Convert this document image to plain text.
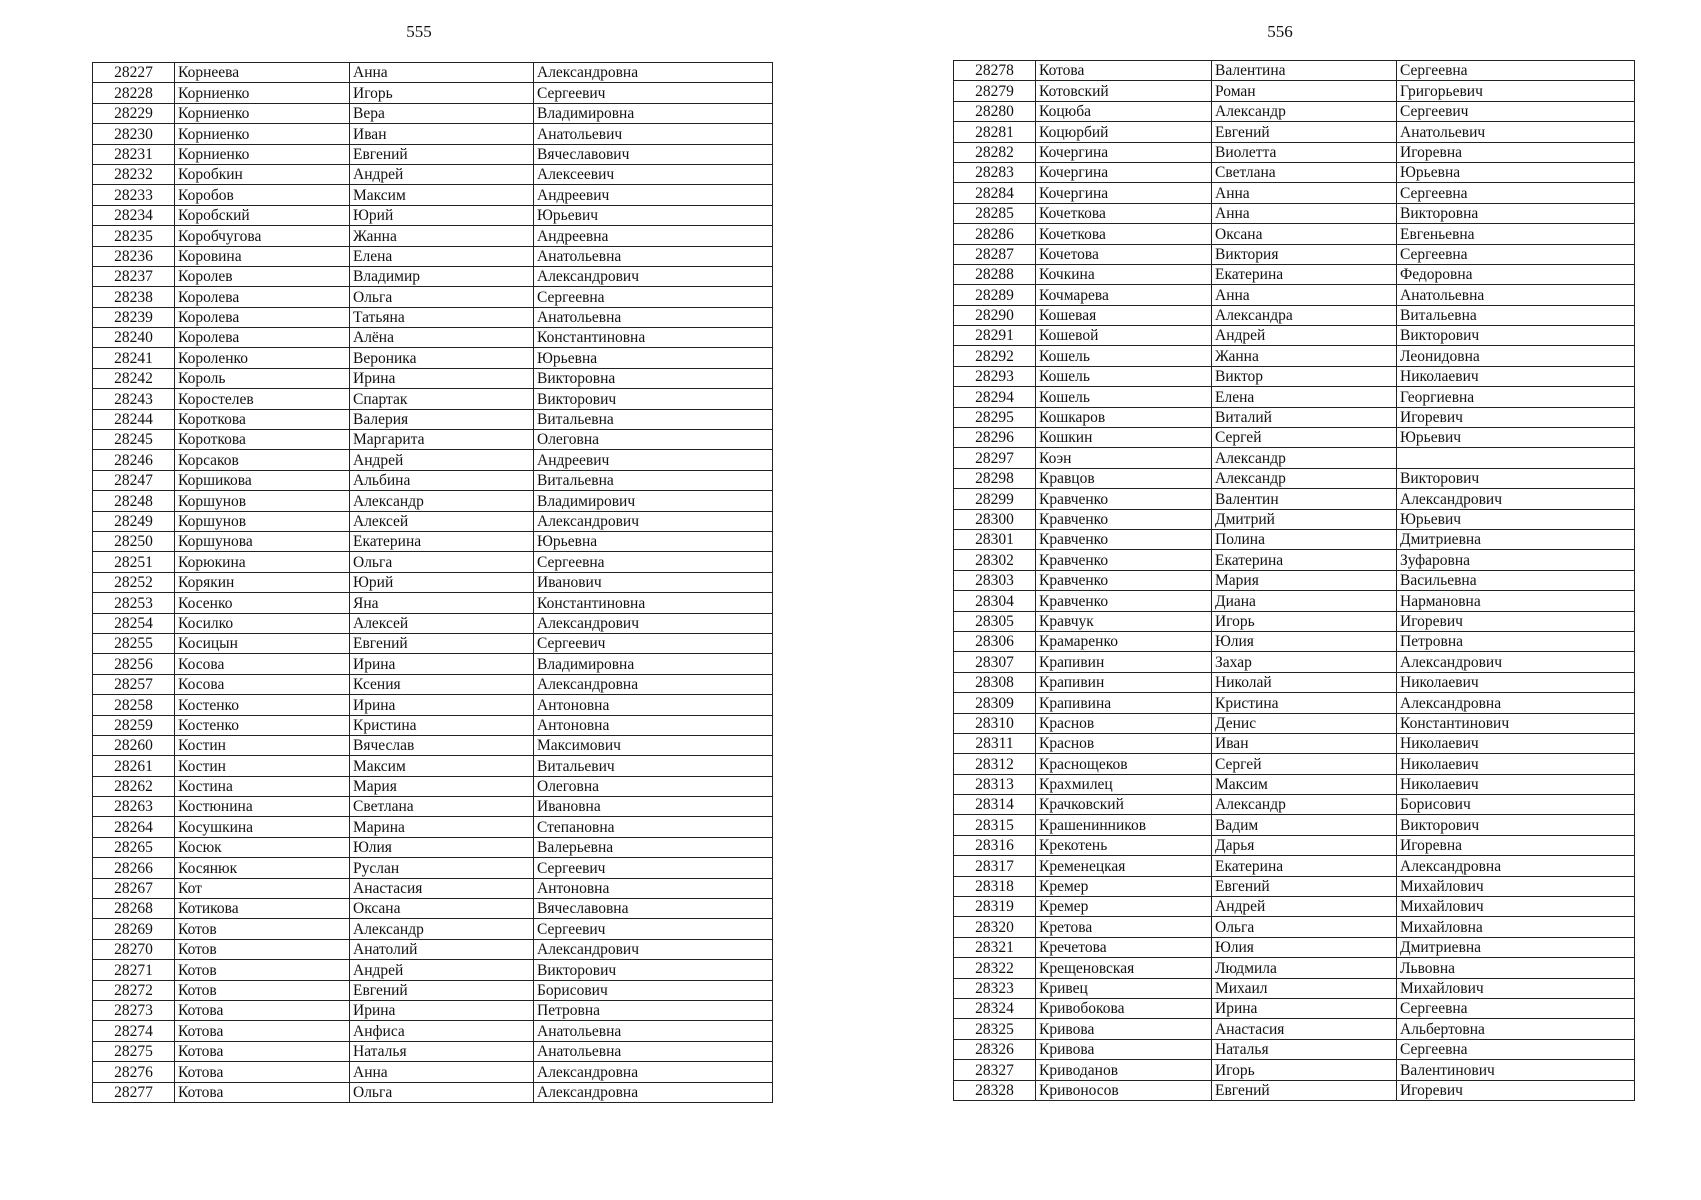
555	556
28227	Корнеева	Анна	Александровна
28228	Корниенко	Игорь	Сергеевич
28229	Корниенко	Вера	Владимировна
28230	Корниенко	Иван	Анатольевич
28231	Корниенко	Евгений	Вячеславович
28232	Коробкин	Андрей	Алексеевич
28233	Коробов	Максим	Андреевич
28234	Коробский	Юрий	Юрьевич
28235	Коробчугова	Жанна	Андреевна
28236	Коровина	Елена	Анатольевна
28237	Королев	Владимир	Александрович
28238	Королева	Ольга	Сергеевна
28239	Королева	Татьяна	Анатольевна
28240	Королева	Алёна	Константиновна
28241	Короленко	Вероника	Юрьевна
28242	Король	Ирина	Викторовна
28243	Коростелев	Спартак	Викторович
28244	Короткова	Валерия	Витальевна
28245	Короткова	Маргарита	Олеговна
28246	Корсаков	Андрей	Андреевич
28247	Коршикова	Альбина	Витальевна
28248	Коршунов	Александр	Владимирович
28249	Коршунов	Алексей	Александрович
28250	Коршунова	Екатерина	Юрьевна
28251	Корюкина	Ольга	Сергеевна
28252	Корякин	Юрий	Иванович
28253	Косенко	Яна	Константиновна
28254	Косилко	Алексей	Александрович
28255	Косицын	Евгений	Сергеевич
28256	Косова	Ирина	Владимировна
28257	Косова	Ксения	Александровна
28258	Костенко	Ирина	Антоновна
28259	Костенко	Кристина	Антоновна
28260	Костин	Вячеслав	Максимович
28261	Костин	Максим	Витальевич
28262	Костина	Мария	Олеговна
28263	Костюнина	Светлана	Ивановна
28264	Косушкина	Марина	Степановна
28265	Косюк	Юлия	Валерьевна
28266	Косянюк	Руслан	Сергеевич
28267	Кот	Анастасия	Антоновна
28268	Котикова	Оксана	Вячеславовна
28269	Котов	Александр	Сергеевич
28270	Котов	Анатолий	Александрович
28271	Котов	Андрей	Викторович
28272	Котов	Евгений	Борисович
28273	Котова	Ирина	Петровна
28274	Котова	Анфиса	Анатольевна
28275	Котова	Наталья	Анатольевна
28276	Котова	Анна	Александровна
28277	Котова	Ольга	Александровна
28278	Котова	Валентина	Сергеевна
28279	Котовский	Роман	Григорьевич
28280	Коцюба	Александр	Сергеевич
28281	Коцюрбий	Евгений	Анатольевич
28282	Кочергина	Виолетта	Игоревна
28283	Кочергина	Светлана	Юрьевна
28284	Кочергина	Анна	Сергеевна
28285	Кочеткова	Анна	Викторовна
28286	Кочеткова	Оксана	Евгеньевна
28287	Кочетова	Виктория	Сергеевна
28288	Кочкина	Екатерина	Федоровна
28289	Кочмарева	Анна	Анатольевна
28290	Кошевая	Александра	Витальевна
28291	Кошевой	Андрей	Викторович
28292	Кошель	Жанна	Леонидовна
28293	Кошель	Виктор	Николаевич
28294	Кошель	Елена	Георгиевна
28295	Кошкаров	Виталий	Игоревич
28296	Кошкин	Сергей	Юрьевич
28297	Коэн	Александр	
28298	Кравцов	Александр	Викторович
28299	Кравченко	Валентин	Александрович
28300	Кравченко	Дмитрий	Юрьевич
28301	Кравченко	Полина	Дмитриевна
28302	Кравченко	Екатерина	Зуфаровна
28303	Кравченко	Мария	Васильевна
28304	Кравченко	Диана	Нармановна
28305	Кравчук	Игорь	Игоревич
28306	Крамаренко	Юлия	Петровна
28307	Крапивин	Захар	Александрович
28308	Крапивин	Николай	Николаевич
28309	Крапивина	Кристина	Александровна
28310	Краснов	Денис	Константинович
28311	Краснов	Иван	Николаевич
28312	Краснощеков	Сергей	Николаевич
28313	Крахмилец	Максим	Николаевич
28314	Крачковский	Александр	Борисович
28315	Крашенинников	Вадим	Викторович
28316	Крекотень	Дарья	Игоревна
28317	Кременецкая	Екатерина	Александровна
28318	Кремер	Евгений	Михайлович
28319	Кремер	Андрей	Михайлович
28320	Кретова	Ольга	Михайловна
28321	Кречетова	Юлия	Дмитриевна
28322	Крещеновская	Людмила	Львовна
28323	Кривец	Михаил	Михайлович
28324	Кривобокова	Ирина	Сергеевна
28325	Кривова	Анастасия	Альбертовна
28326	Кривова	Наталья	Сергеевна
28327	Криводанов	Игорь	Валентинович
28328	Кривоносов	Евгений	Игоревич
